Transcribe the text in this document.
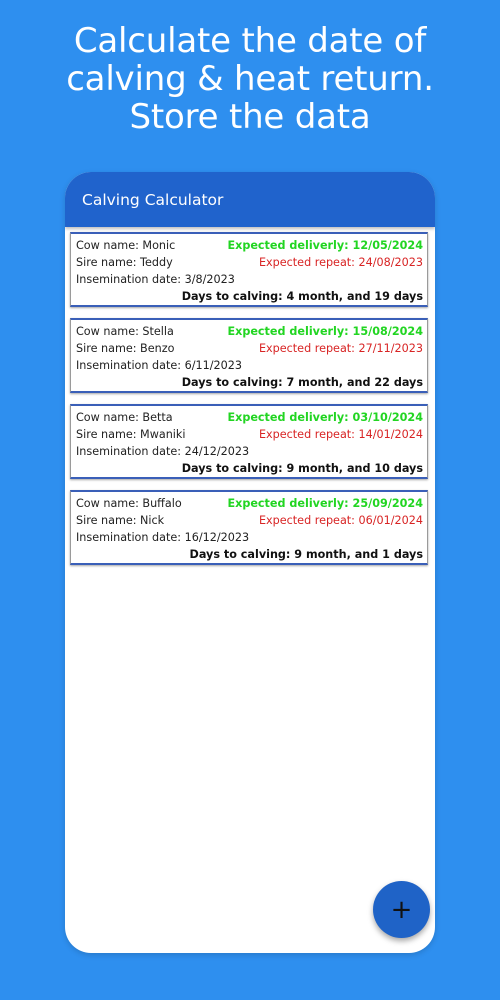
Calculate the date of
calving & heat return.
Store the data
Calving Calculator
Cow name: Monic	Expected deliverly: 12/05/2024
Sire name: Teddy	Expected repeat: 24/08/2023
Insemination date: 3/8/2023
Days to calving: 4 month, and 19 days
Cow name: Stella	Expected deliverly: 15/08/2024
Sire name: Benzo	Expected repeat: 27/11/2023
Insemination date: 6/11/2023
Days to calving: 7 month, and 22 days
Cow name: Betta	Expected deliverly: 03/10/2024
Sire name: Mwaniki	Expected repeat: 14/01/2024
Insemination date: 24/12/2023
Days to calving: 9 month, and 10 days
Cow name: Buffalo	Expected deliverly: 25/09/2024
Sire name: Nick	Expected repeat: 06/01/2024
Insemination date: 16/12/2023
Days to calving: 9 month, and 1 days
+
